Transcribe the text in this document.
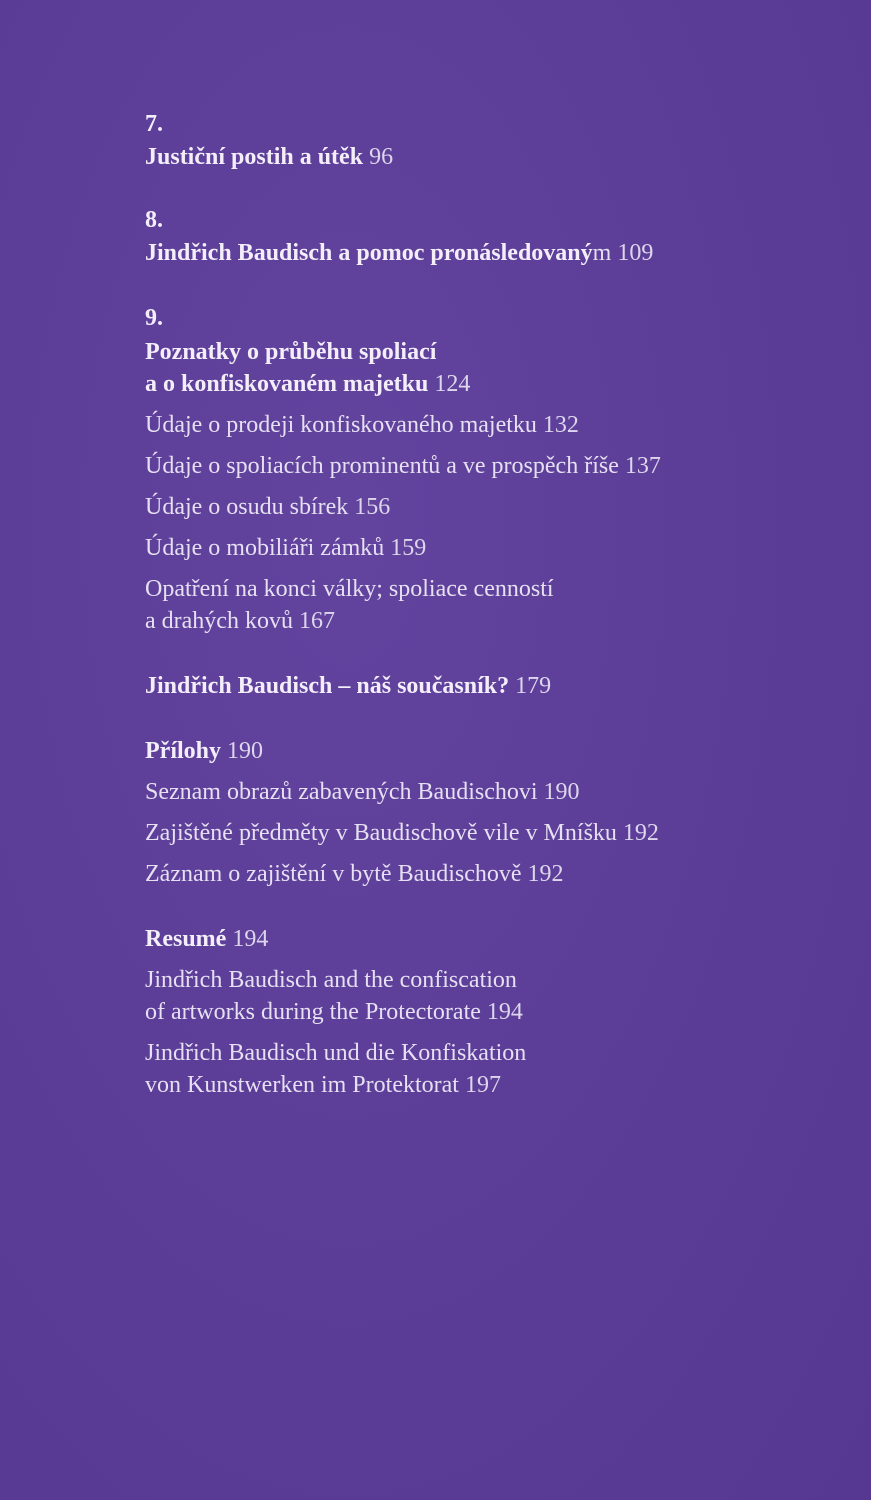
7.
Justiční postih a útěk 96
8.
Jindřich Baudisch a pomoc pronásledovaným 109
9.
Poznatky o průběhu spoliací
a o konfiskovaném majetku 124
Údaje o prodeji konfiskovaného majetku 132
Údaje o spoliacích prominentů a ve prospěch říše 137
Údaje o osudu sbírek 156
Údaje o mobiliáři zámků 159
Opatření na konci války; spoliace cenností
a drahých kovů 167
Jindřich Baudisch – náš současník? 179
Přílohy 190
Seznam obrazů zabavených Baudischovi 190
Zajištěné předměty v Baudischově vile v Mníšku 192
Záznam o zajištění v bytě Baudischově 192
Resumé 194
Jindřich Baudisch and the confiscation
of artworks during the Protectorate 194
Jindřich Baudisch und die Konfiskation
von Kunstwerken im Protektorat 197
